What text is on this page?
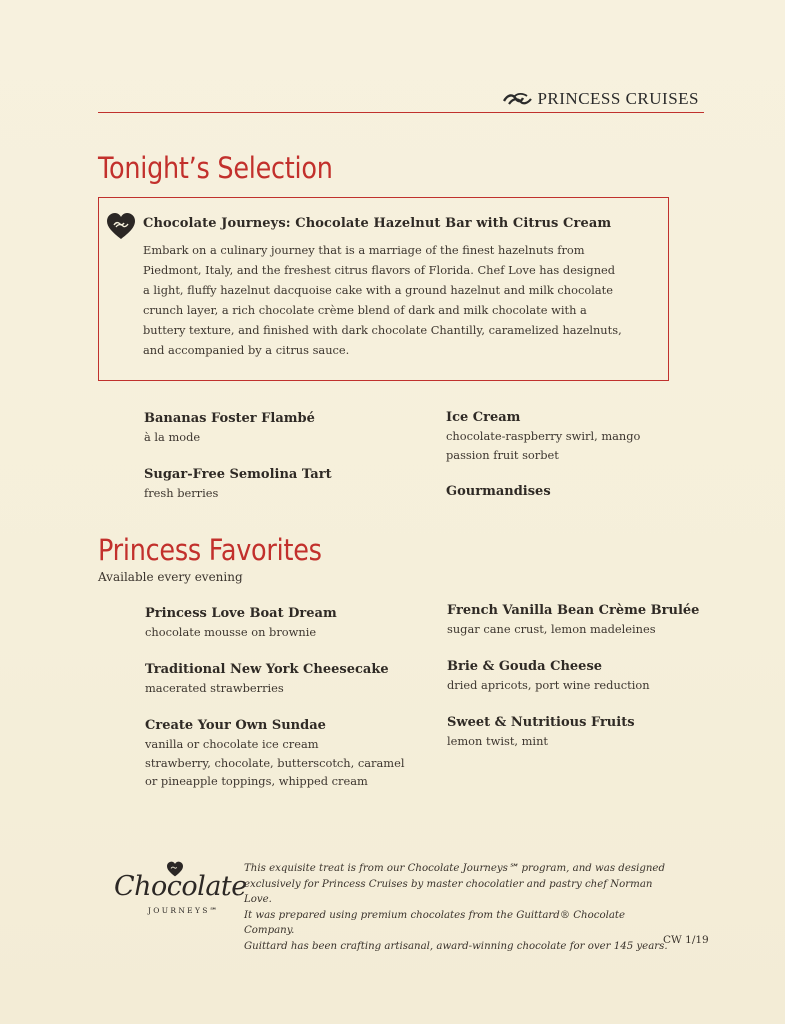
PRINCESS CRUISES
Tonight’s Selection
Chocolate Journeys: Chocolate Hazelnut Bar with Citrus Cream
Embark on a culinary journey that is a marriage of the finest hazelnuts from
Piedmont, Italy, and the freshest citrus flavors of Florida. Chef Love has designed
a light, fluffy hazelnut dacquoise cake with a ground hazelnut and milk chocolate
crunch layer, a rich chocolate crème blend of dark and milk chocolate with a
buttery texture, and finished with dark chocolate Chantilly, caramelized hazelnuts,
and accompanied by a citrus sauce.
Bananas Foster Flambé
à la mode
Sugar-Free Semolina Tart
fresh berries
Ice Cream
chocolate-raspberry swirl, mango
passion fruit sorbet
Gourmandises
Princess Favorites
Available every evening
Princess Love Boat Dream
chocolate mousse on brownie
Traditional New York Cheesecake
macerated strawberries
Create Your Own Sundae
vanilla or chocolate ice cream
strawberry, chocolate, butterscotch, caramel
or pineapple toppings, whipped cream
French Vanilla Bean Crème Brulée
sugar cane crust, lemon madeleines
Brie & Gouda Cheese
dried apricots, port wine reduction
Sweet & Nutritious Fruits
lemon twist, mint
Chocolate
JOURNEYS℠
This exquisite treat is from our Chocolate Journeys℠ program, and was designed
exclusively for Princess Cruises by master chocolatier and pastry chef Norman Love.
It was prepared using premium chocolates from the Guittard® Chocolate Company.
Guittard has been crafting artisanal, award-winning chocolate for over 145 years.
CW 1/19
